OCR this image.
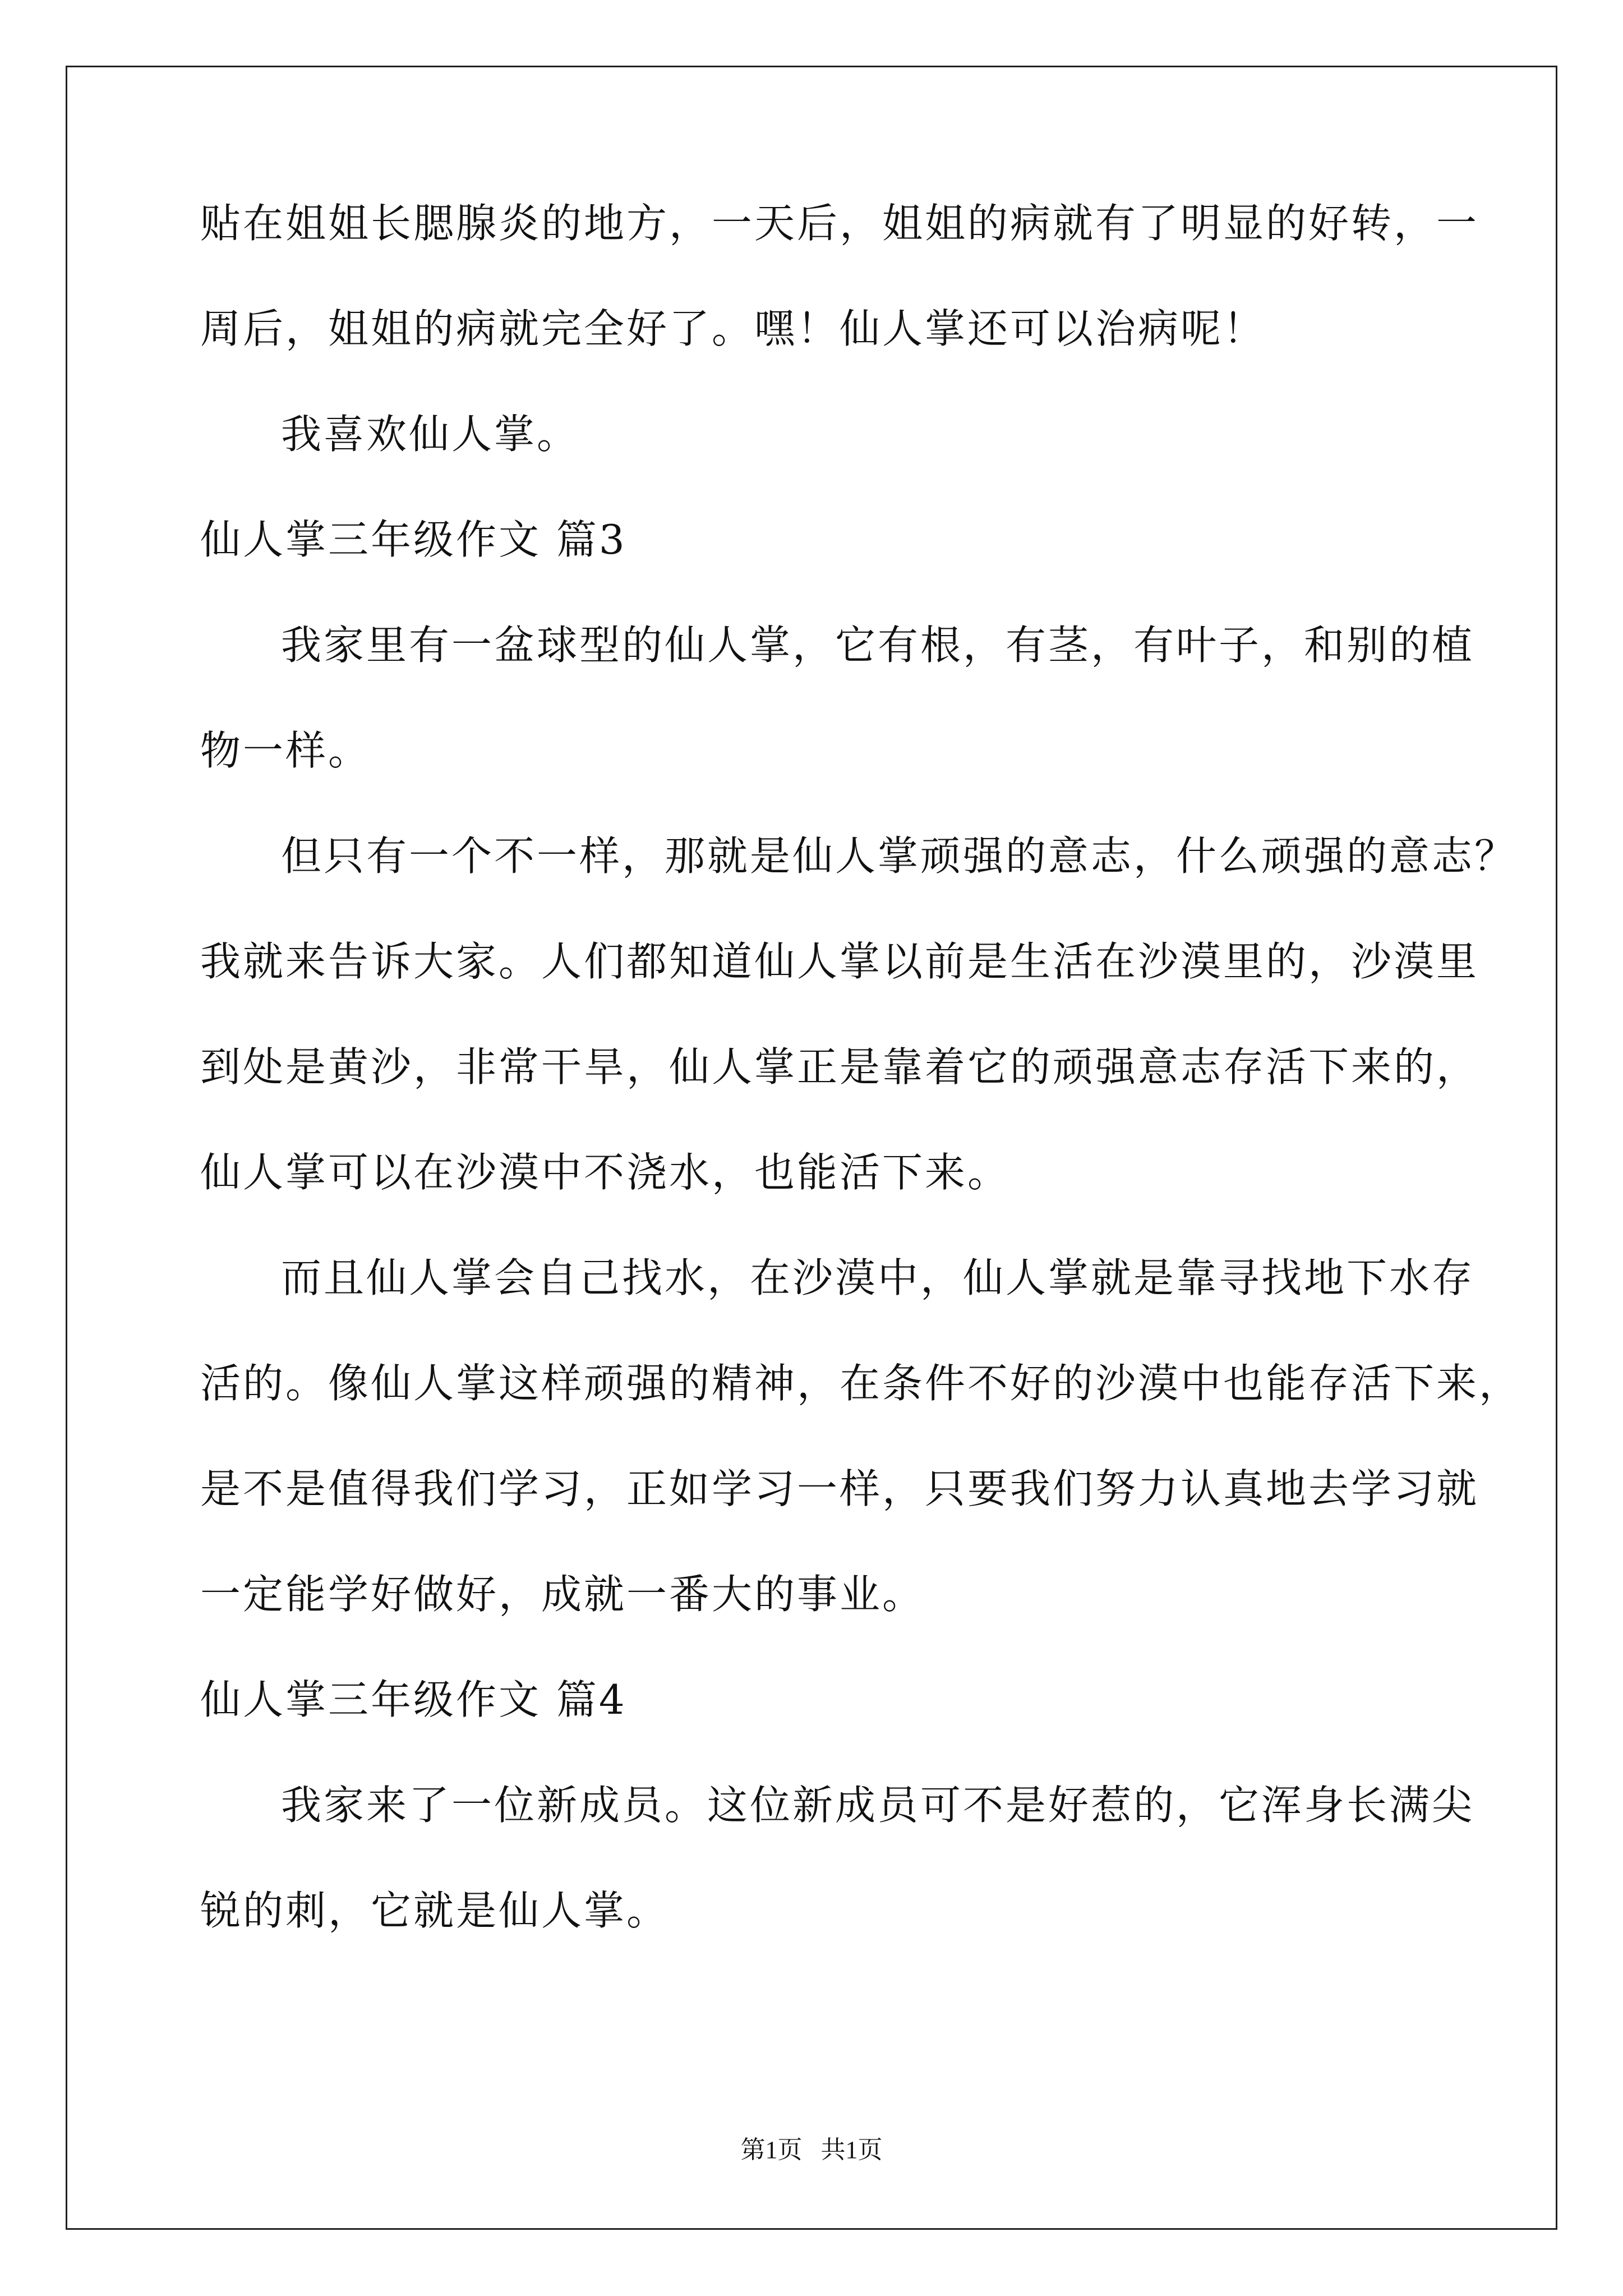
贴在姐姐长腮腺炎的地方，一天后，姐姐的病就有了明显的好转，一
周后，姐姐的病就完全好了。嘿！仙人掌还可以治病呢！
我喜欢仙人掌。
仙人掌三年级作文 篇3
我家里有一盆球型的仙人掌，它有根，有茎，有叶子，和别的植
物一样。
但只有一个不一样，那就是仙人掌顽强的意志，什么顽强的意志？
我就来告诉大家。人们都知道仙人掌以前是生活在沙漠里的，沙漠里
到处是黄沙，非常干旱，仙人掌正是靠着它的顽强意志存活下来的，
仙人掌可以在沙漠中不浇水，也能活下来。
而且仙人掌会自己找水，在沙漠中，仙人掌就是靠寻找地下水存
活的。像仙人掌这样顽强的精神，在条件不好的沙漠中也能存活下来，
是不是值得我们学习，正如学习一样，只要我们努力认真地去学习就
一定能学好做好，成就一番大的事业。
仙人掌三年级作文 篇4
我家来了一位新成员。这位新成员可不是好惹的，它浑身长满尖
锐的刺，它就是仙人掌。
第1页   共1页
